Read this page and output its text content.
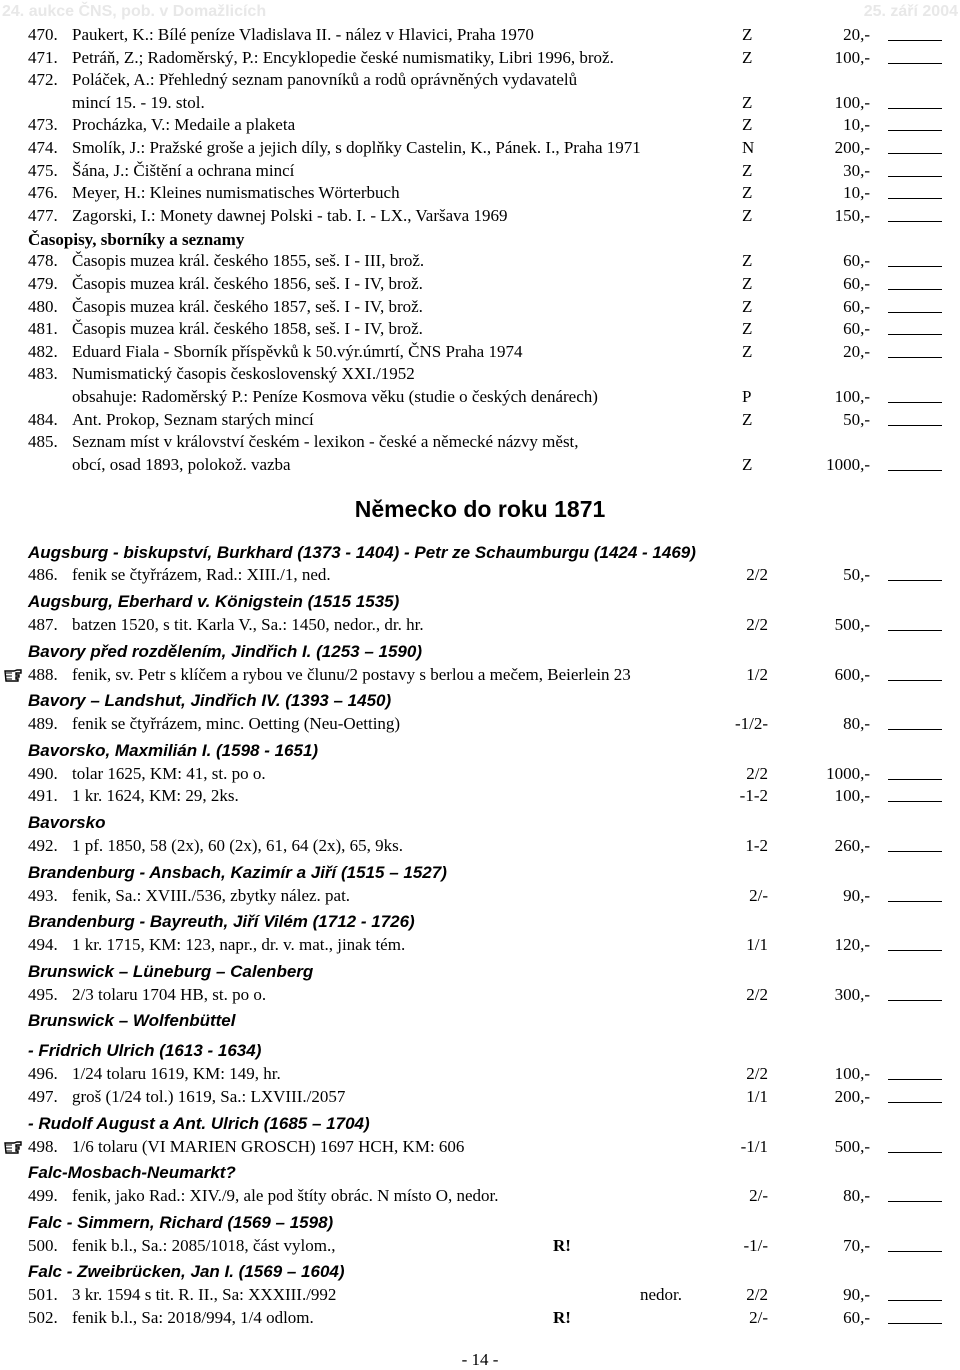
24. aukce ČNS, pob. v Domažlicích	25. září 2004
470. Paukert, K.: Bílé peníze Vladislava II. - nález v Hlavici, Praha 1970	Z	20,-
471. Petráň, Z.; Radoměrský, P.: Encyklopedie české numismatiky, Libri 1996, brož.	Z	100,-
472. Poláček, A.: Přehledný seznam panovníků a rodů oprávněných vydavatelů
mincí 15. - 19. stol.	Z	100,-
473. Procházka, V.: Medaile a plaketa	Z	10,-
474. Smolík, J.: Pražské groše a jejich díly, s doplňky Castelin, K., Pánek. I., Praha 1971	N	200,-
475. Šána, J.: Čištění a ochrana mincí	Z	30,-
476. Meyer, H.: Kleines numismatisches Wörterbuch	Z	10,-
477. Zagorski, I.: Monety dawnej Polski - tab. I. - LX., Varšava 1969	Z	150,-
Časopisy, sborníky a seznamy
478. Časopis muzea král. českého 1855, seš. I - III, brož.	Z	60,-
479. Časopis muzea král. českého 1856, seš. I - IV, brož.	Z	60,-
480. Časopis muzea král. českého 1857, seš. I - IV, brož.	Z	60,-
481. Časopis muzea král. českého 1858, seš. I - IV, brož.	Z	60,-
482. Eduard Fiala - Sborník příspěvků k 50.výr.úmrtí, ČNS Praha 1974	Z	20,-
483. Numismatický časopis československý XXI./1952
obsahuje: Radoměrský P.: Peníze Kosmova věku (studie o českých denárech)	P	100,-
484. Ant. Prokop, Seznam starých mincí	Z	50,-
485. Seznam míst v království českém - lexikon - české a německé názvy měst,
obcí, osad 1893, polokož. vazba	Z	1000,-
Německo do roku 1871
Augsburg - biskupství, Burkhard (1373 - 1404) - Petr ze Schaumburgu (1424 - 1469)
486. fenik se čtyřrázem, Rad.: XIII./1, ned.	2/2	50,-
Augsburg, Eberhard v. Königstein (1515 1535)
487. batzen 1520, s tit. Karla V., Sa.: 1450, nedor., dr. hr.	2/2	500,-
Bavory před rozdělením, Jindřich I. (1253 – 1590)
488. fenik, sv. Petr s klíčem a rybou ve člunu/2 postavy s berlou a mečem, Beierlein 23	1/2	600,-
Bavory – Landshut, Jindřich IV. (1393 – 1450)
489. fenik se čtyřrázem, minc. Oetting (Neu-Oetting)	-1/2-	80,-
Bavorsko, Maxmilián I. (1598 - 1651)
490. tolar 1625, KM: 41, st. po o.	2/2	1000,-
491. 1 kr. 1624, KM: 29, 2ks.	-1-2	100,-
Bavorsko
492. 1 pf. 1850, 58 (2x), 60 (2x), 61, 64 (2x), 65, 9ks.	1-2	260,-
Brandenburg - Ansbach, Kazimír a Jiří (1515 – 1527)
493. fenik, Sa.: XVIII./536, zbytky nález. pat.	2/-	90,-
Brandenburg - Bayreuth, Jiří Vilém (1712 - 1726)
494. 1 kr. 1715, KM: 123, napr., dr. v. mat., jinak tém.	1/1	120,-
Brunswick – Lüneburg – Calenberg
495. 2/3 tolaru 1704 HB, st. po o.	2/2	300,-
Brunswick – Wolfenbüttel
- Fridrich Ulrich (1613 - 1634)
496. 1/24 tolaru 1619, KM: 149, hr.	2/2	100,-
497. groš (1/24 tol.) 1619, Sa.: LXVIII./2057	1/1	200,-
- Rudolf August a Ant. Ulrich (1685 – 1704)
498. 1/6 tolaru (VI MARIEN GROSCH) 1697 HCH, KM: 606	-1/1	500,-
Falc-Mosbach-Neumarkt?
499. fenik, jako Rad.: XIV./9, ale pod štíty obrác. N místo O, nedor.	2/-	80,-
Falc - Simmern, Richard (1569 – 1598)
500. fenik b.l., Sa.: 2085/1018, část vylom.,	R!	-1/-	70,-
Falc - Zweibrücken, Jan I. (1569 – 1604)
501. 3 kr. 1594 s tit. R. II., Sa: XXXIII./992	nedor.	2/2	90,-
502. fenik b.l., Sa: 2018/994, 1/4 odlom.	R!	2/-	60,-
- 14 -
